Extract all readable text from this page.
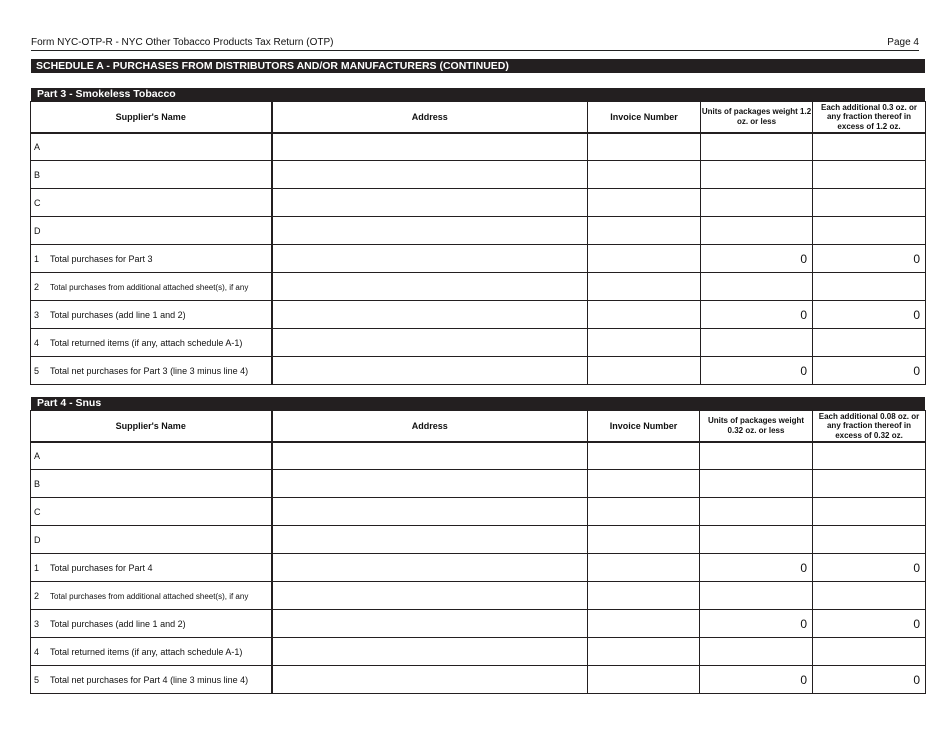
Form NYC-OTP-R - NYC Other Tobacco Products Tax Return (OTP)	Page 4
SCHEDULE A - PURCHASES FROM DISTRIBUTORS AND/OR MANUFACTURERS (CONTINUED)
Part 3 - Smokeless Tobacco
Supplier's Name	Address	Invoice Number	Units of packages weight 1.2 oz. or less	Each additional 0.3 oz. or any fraction thereof in excess of 1.2 oz.
A				
B				
C				
D				
1 Total purchases for Part 3			0	0
2 Total purchases from additional attached sheet(s), if any				
3 Total purchases (add line 1 and 2)			0	0
4 Total returned items (if any, attach schedule A-1)				
5 Total net purchases for Part 3 (line 3 minus line 4)			0	0
Part 4 - Snus
Supplier's Name	Address	Invoice Number	Units of packages weight 0.32 oz. or less	Each additional 0.08 oz. or any fraction thereof in excess of 0.32 oz.
A				
B				
C				
D				
1 Total purchases for Part 4			0	0
2 Total purchases from additional attached sheet(s), if any				
3 Total purchases (add line 1 and 2)			0	0
4 Total returned items (if any, attach schedule A-1)				
5 Total net purchases for Part 4 (line 3 minus line 4)			0	0
